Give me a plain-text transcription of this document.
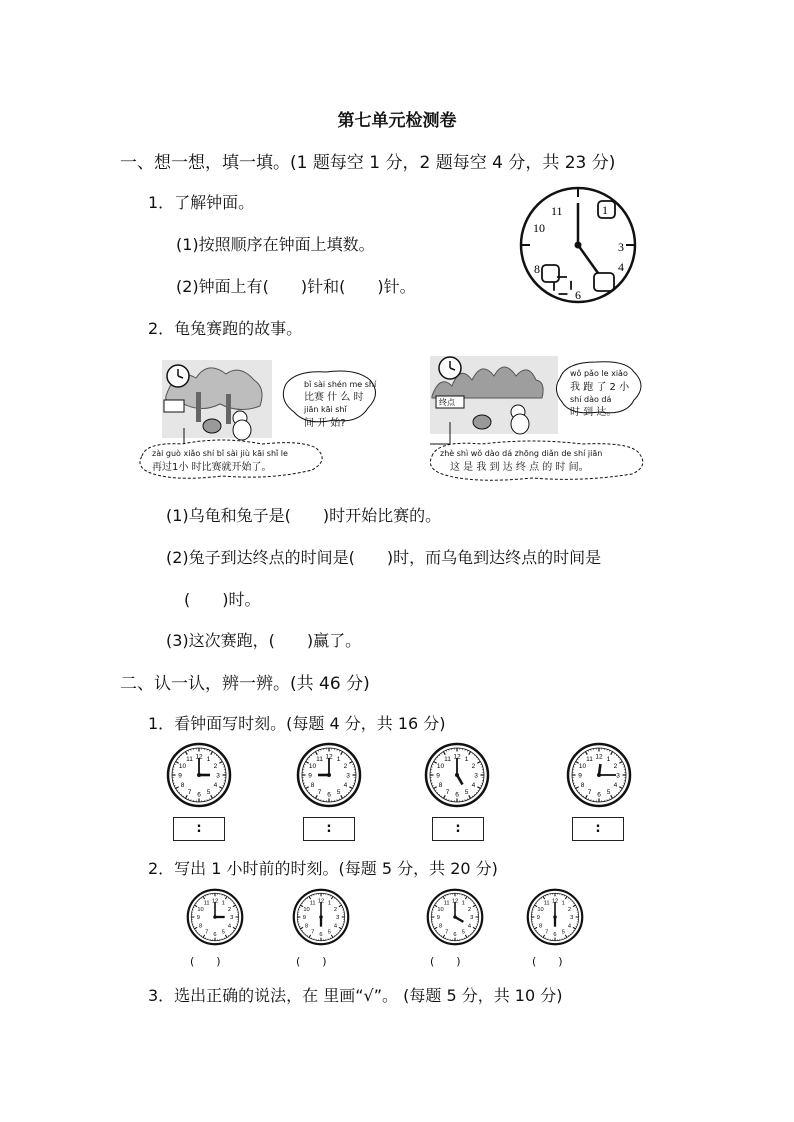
第七单元检测卷
一、想一想，填一填。(1 题每空 1 分，2 题每空 4 分，共 23 分)
1．了解钟面。
(1)按照顺序在钟面上填数。
(2)钟面上有(　　)针和(　　)针。
11	1
10
3
8	4
6
2．龟兔赛跑的故事。
bǐ sài shén me shí
比赛 什 么 时
jiān kāi shǐ
间 开 始?
zài guò xiǎo shí bǐ sài jiù kāi shǐ le
再过1小 时比赛就开始了。
终点
wǒ pǎo le xiǎo
我 跑 了 2 小
shí dào dá
时 到 达。
zhè shì wǒ dào dá zhōng diǎn de shí jiān
这 是 我 到 达 终 点 的 时 间。
(1)乌龟和兔子是(　　)时开始比赛的。
(2)兔子到达终点的时间是(　　)时，而乌龟到达终点的时间是
(　　)时。
(3)这次赛跑，(　　)赢了。
二、认一认，辨一辨。(共 46 分)
1．看钟面写时刻。(每题 4 分，共 16 分)
1
2
3
4
5
6
7
8
9
10
11 12	1
2
3
4
5
6
7
8
9
10
11 12	1
2
3
4
5
6
7
8
9
10
11 12	1
2
3
4
5
6
7
8
9
10
11 12
:	:	:	:
2．写出 1 小时前的时刻。(每题 5 分，共 20 分)
1
2
3
4
5
6
7
8
9
10
11 12	1
2
3
4
5
6
7
8
9
10
11 12	1
2
3
4
5
6
7
8
9
10
11 12	1
2
3
4
5
6
7
8
9
10
11 12
(　　)	(　　)	(　　)	(　　)
3．选出正确的说法，在 里画“√”。 (每题 5 分，共 10 分)
